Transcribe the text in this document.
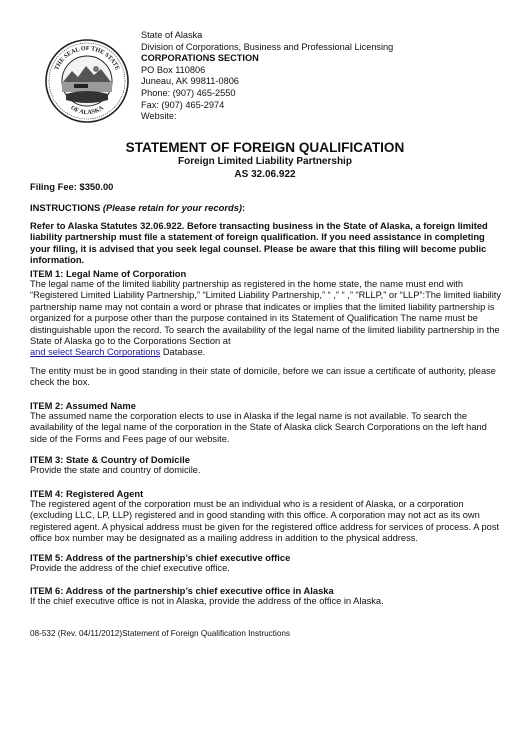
THE SEAL OF THE STATE
OF ALASKA
State of Alaska
Division of Corporations, Business and Professional Licensing
CORPORATIONS SECTION
PO Box 110806
Juneau, AK 99811-0806
Phone: (907) 465-2550
Fax: (907) 465-2974
Website:
STATEMENT OF FOREIGN QUALIFICATION
Foreign Limited Liability Partnership
AS 32.06.922
Filing Fee: $350.00
INSTRUCTIONS (Please retain for your records):
Refer to Alaska Statutes 32.06.922. Before transacting business in the State of Alaska, a foreign limited liability partnership must file a statement of foreign qualification. If you need assistance in completing your filing, it is advised that you seek legal counsel. Please be aware that this filing will become public information.
ITEM 1: Legal Name of Corporation
The legal name of the limited liability partnership as registered in the home state, the name must end with “Registered Limited Liability Partnership,” “Limited Liability Partnership,” “ ,” “ ,” “RLLP,” or “LLP”:The limited liability partnership name may not contain a word or phrase that indicates or implies that the limited liability partnership is organized for a purpose other than the purpose contained in its Statement of Qualification The name must be distinguishable upon the record. To search the availability of the legal name of the limited liability partnership in the State of Alaska go to the Corporations Section at
and select Search Corporations Database.
The entity must be in good standing in their state of domicile, before we can issue a certificate of authority, please check the box.
ITEM 2: Assumed Name
The assumed name the corporation elects to use in Alaska if the legal name is not available. To search the availability of the legal name of the corporation in the State of Alaska click Search Corporations on the left hand side of the Forms and Fees page of our website.
ITEM 3: State & Country of Domicile
Provide the state and country of domicile.
ITEM 4: Registered Agent
The registered agent of the corporation must be an individual who is a resident of Alaska, or a corporation (excluding LLC, LP, LLP) registered and in good standing with this office. A corporation may not act as its own registered agent. A physical address must be given for the registered office address for services of process. A post office box number may be designated as a mailing address in addition to the physical address.
ITEM 5: Address of the partnership’s chief executive office
Provide the address of the chief executive office.
ITEM 6: Address of the partnership’s chief executive office in Alaska
If the chief executive office is not in Alaska, provide the address of the office in Alaska.
08-532 (Rev. 04/11/2012)Statement of Foreign Qualification Instructions
